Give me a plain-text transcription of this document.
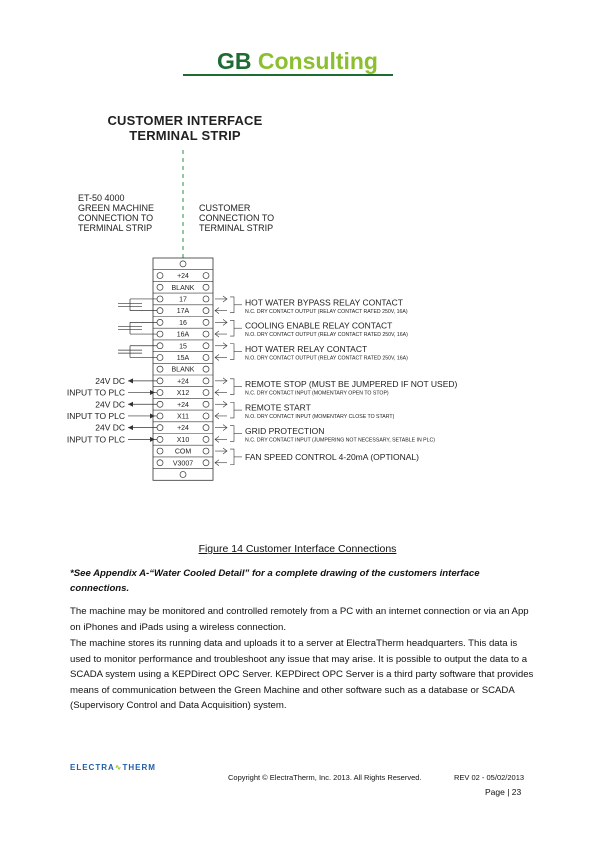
GB Consulting
CUSTOMER INTERFACE
TERMINAL STRIP
ET-50 4000
GREEN MACHINE
CONNECTION TO
TERMINAL STRIP
CUSTOMER
CONNECTION TO
TERMINAL STRIP
+24
BLANK
17
17A
16
16A
15
15A
BLANK
+24
X12
+24
X11
+24
X10
COM
V3007
24V DC
INPUT TO PLC
24V DC
INPUT TO PLC
24V DC
INPUT TO PLC
HOT WATER BYPASS RELAY CONTACT
N.C. DRY CONTACT OUTPUT (RELAY CONTACT RATED 250V, 16A)
COOLING ENABLE RELAY CONTACT
N.O. DRY CONTACT OUTPUT (RELAY CONTACT RATED 250V, 16A)
HOT WATER RELAY CONTACT
N.O. DRY CONTACT OUTPUT (RELAY CONTACT RATED 250V, 16A)
REMOTE STOP (MUST BE JUMPERED IF NOT USED)
N.C. DRY CONTACT INPUT (MOMENTARY OPEN TO STOP)
REMOTE START
N.O. DRY CONTACT INPUT (MOMENTARY CLOSE TO START)
GRID PROTECTION
N.C. DRY CONTACT INPUT (JUMPERING NOT NECESSARY, SETABLE IN PLC)
FAN SPEED CONTROL 4-20mA (OPTIONAL)
Figure 14 Customer Interface Connections
*See Appendix A-“Water Cooled Detail” for a complete drawing of the customers interface connections.
The machine may be monitored and controlled remotely from a PC with an internet connection or via an App on iPhones and iPads using a wireless connection.
The machine stores its running data and uploads it to a server at ElectraTherm headquarters. This data is used to monitor performance and troubleshoot any issue that may arise. It is possible to output the data to a SCADA system using a KEPDirect OPC Server. KEPDirect OPC Server is a third party software that provides means of communication between the Green Machine and other software such as a database or SCADA (Supervisory Control and Data Acquisition) system.
ELECTRA∿THERM
Copyright © ElectraTherm, Inc. 2013. All Rights Reserved.	REV 02 - 05/02/2013
Page | 23
